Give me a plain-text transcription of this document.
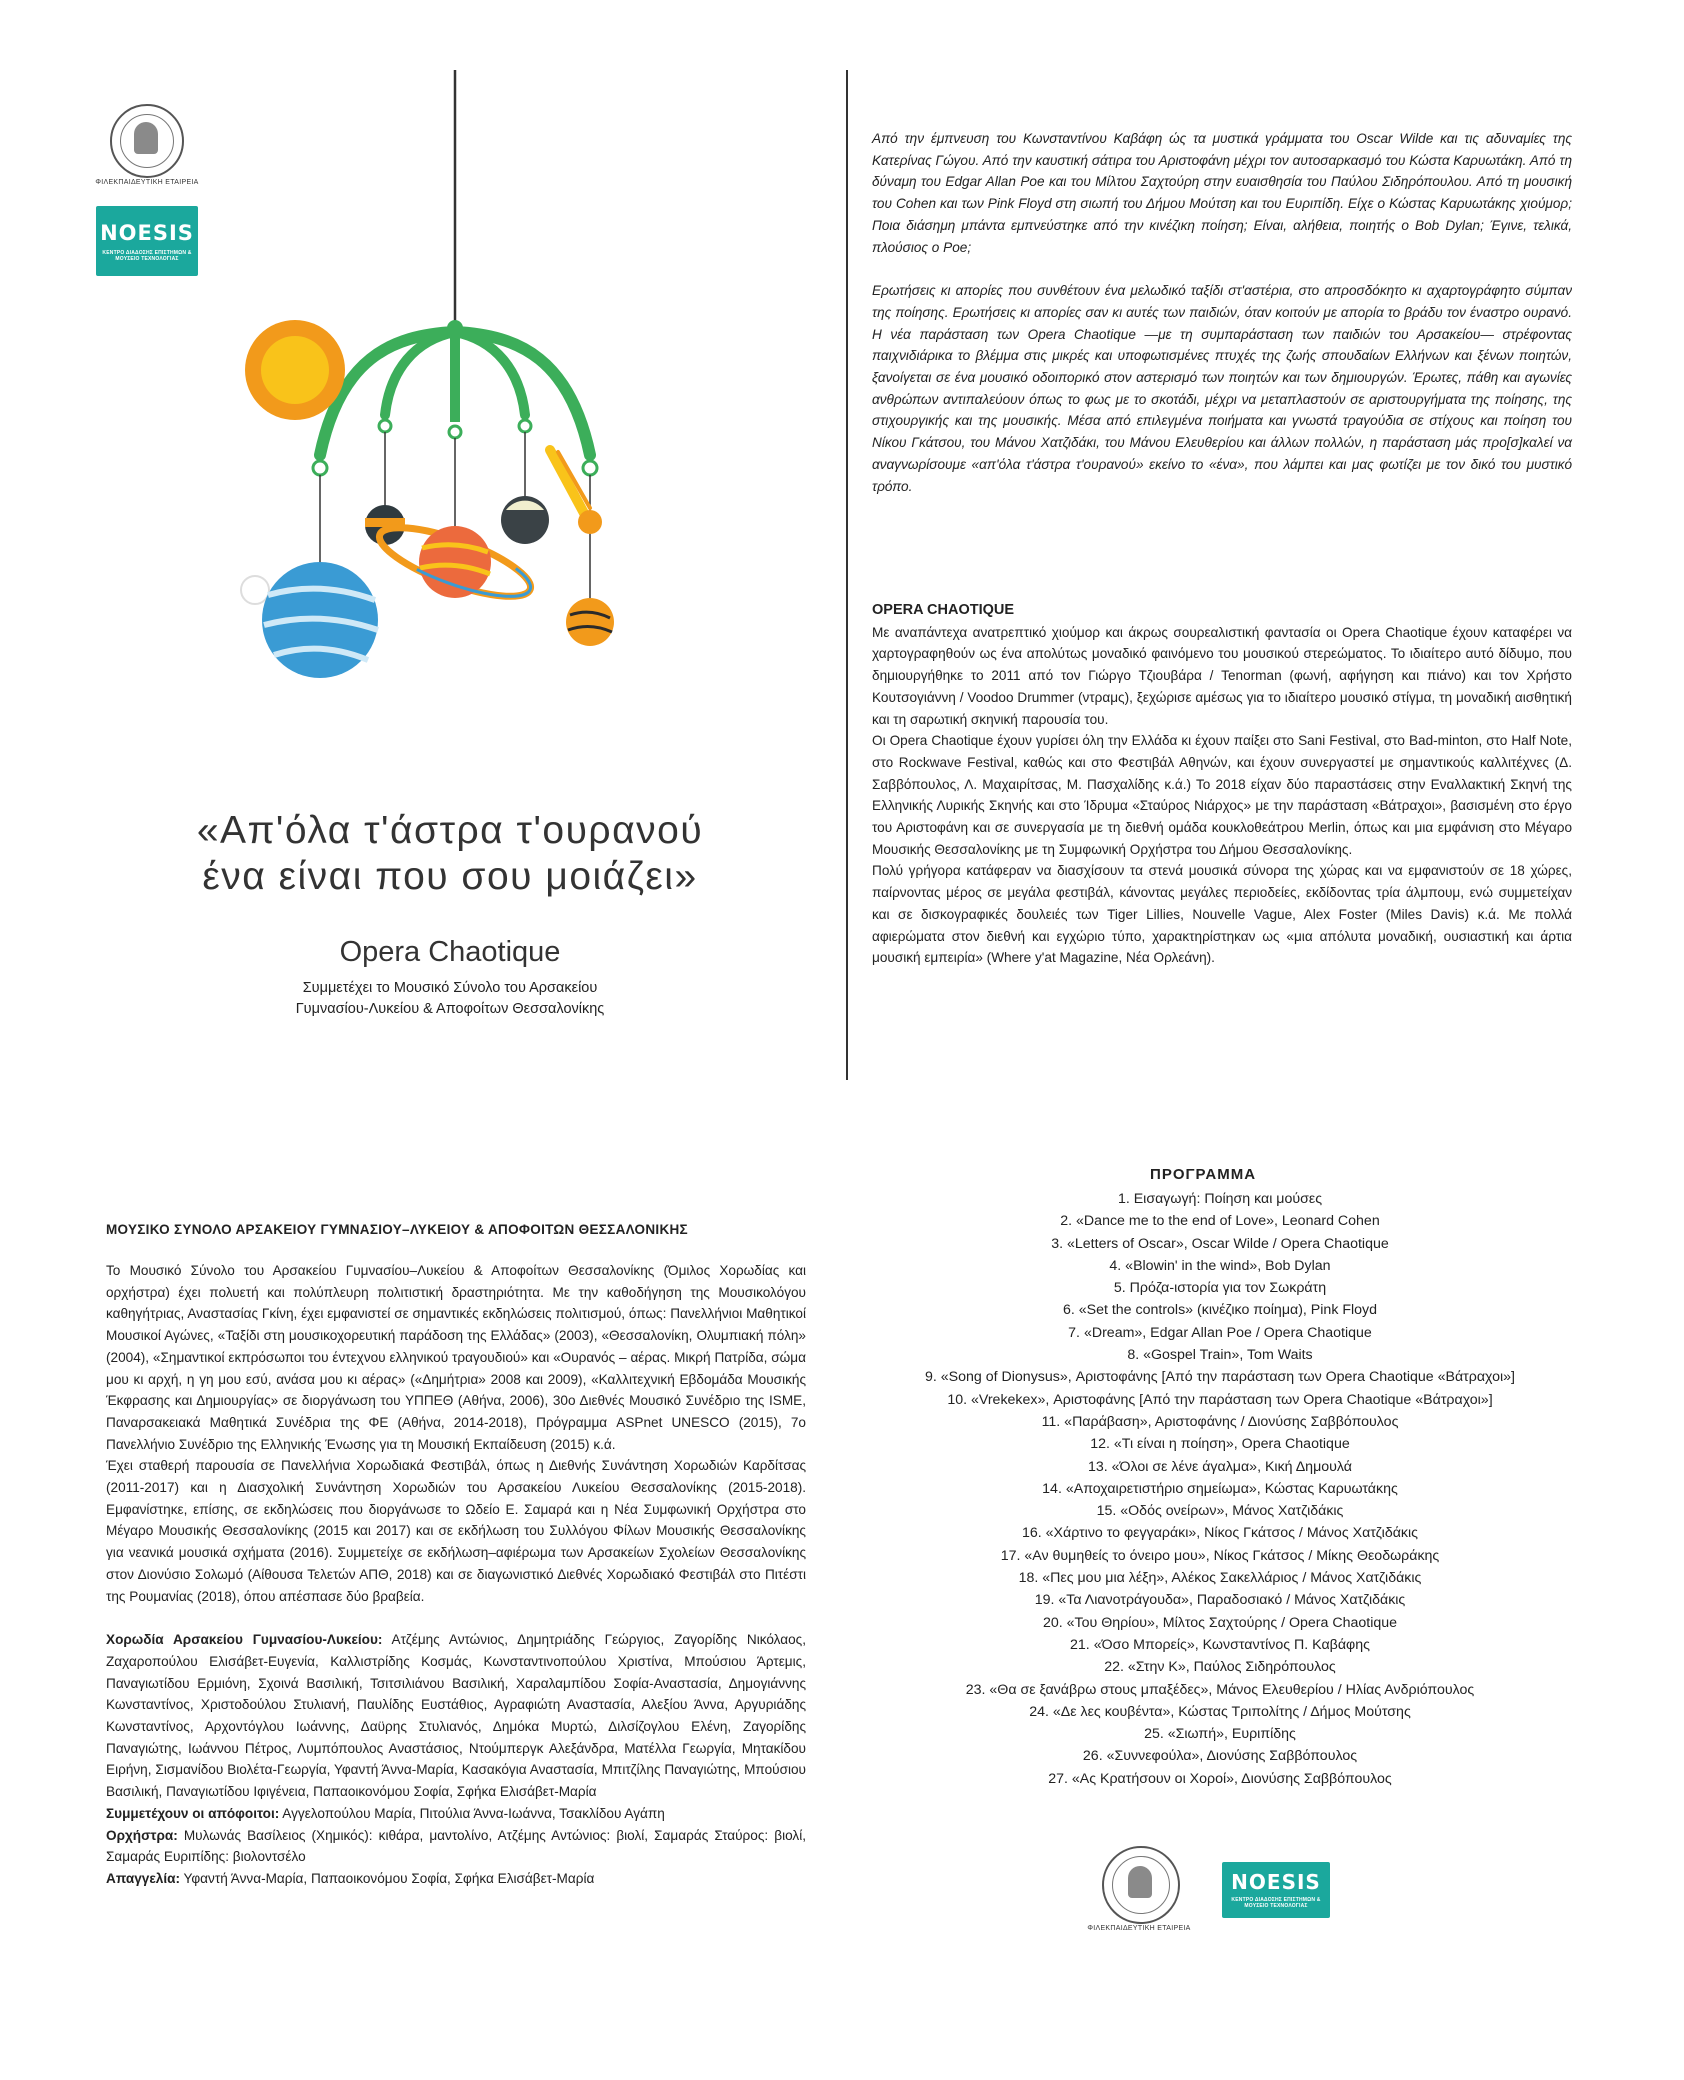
ΦΙΛΕΚΠΑΙΔΕΥΤΙΚΗ ΕΤΑΙΡΕΙΑ
NOESIS
ΚΕΝΤΡΟ ΔΙΑΔΟΣΗΣ ΕΠΙΣΤΗΜΩΝ & ΜΟΥΣΕΙΟ ΤΕΧΝΟΛΟΓΙΑΣ
«Απ'όλα τ'άστρα τ'ουρανού
ένα είναι που σου μοιάζει»
Opera Chaotique
Συμμετέχει το Μουσικό Σύνολο του Αρσακείου
Γυμνασίου-Λυκείου & Αποφοίτων Θεσσαλονίκης

Από την έμπνευση του Κωνσταντίνου Καβάφη ώς τα μυστικά γράμματα του Oscar Wilde και τις αδυναμίες της Κατερίνας Γώγου. Από την καυστική σάτιρα του Αριστοφάνη μέχρι τον αυτοσαρκασμό του Κώστα Καρυωτάκη. Από τη δύναμη του Edgar Allan Poe και του Μίλτου Σαχτούρη στην ευαισθησία του Παύλου Σιδηρόπουλου. Από τη μουσική του Cohen και των Pink Floyd στη σιωπή του Δήμου Μούτση και του Ευριπίδη. Είχε ο Κώστας Καρυωτάκης χιούμορ; Ποια διάσημη μπάντα εμπνεύστηκε από την κινέζικη ποίηση; Είναι, αλήθεια, ποιητής ο Bob Dylan; Έγινε, τελικά, πλούσιος ο Poe;

Ερωτήσεις κι απορίες που συνθέτουν ένα μελωδικό ταξίδι στ'αστέρια, στο απροσδόκητο κι αχαρτογράφητο σύμπαν της ποίησης. Ερωτήσεις κι απορίες σαν κι αυτές των παιδιών, όταν κοιτούν με απορία το βράδυ τον έναστρο ουρανό. Η νέα παράσταση των Opera Chaotique —με τη συμπαράσταση των παιδιών του Αρσακείου— στρέφοντας παιχνιδιάρικα το βλέμμα στις μικρές και υποφωτισμένες πτυχές της ζωής σπουδαίων Ελλήνων και ξένων ποιητών, ξανοίγεται σε ένα μουσικό οδοιπορικό στον αστερισμό των ποιητών και των δημιουργών. Έρωτες, πάθη και αγωνίες ανθρώπων αντιπαλεύουν όπως το φως με το σκοτάδι, μέχρι να μεταπλαστούν σε αριστουργήματα της ποίησης, της στιχουργικής και της μουσικής. Μέσα από επιλεγμένα ποιήματα και γνωστά τραγούδια σε στίχους και ποίηση του Νίκου Γκάτσου, του Μάνου Χατζιδάκι, του Μάνου Ελευθερίου και άλλων πολλών, η παράσταση μάς προ[σ]καλεί να αναγνωρίσουμε «απ'όλα τ'άστρα τ'ουρανού» εκείνο το «ένα», που λάμπει και μας φωτίζει με τον δικό του μυστικό τρόπο.

OPERA CHAOTIQUE

Με αναπάντεχα ανατρεπτικό χιούμορ και άκρως σουρεαλιστική φαντασία οι Opera Chaotique έχουν καταφέρει να χαρτογραφηθούν ως ένα απολύτως μοναδικό φαινόμενο του μουσικού στερεώματος. Το ιδιαίτερο αυτό δίδυμο, που δημιουργήθηκε το 2011 από τον Γιώργο Τζιουβάρα / Tenorman (φωνή, αφήγηση και πιάνο) και τον Χρήστο Κουτσογιάννη / Voodoo Drummer (ντραμς), ξεχώρισε αμέσως για το ιδιαίτερο μουσικό στίγμα, τη μοναδική αισθητική και τη σαρωτική σκηνική παρουσία του.

Οι Opera Chaotique έχουν γυρίσει όλη την Ελλάδα κι έχουν παίξει στο Sani Festival, στο Bad-minton, στο Half Note, στο Rockwave Festival, καθώς και στο Φεστιβάλ Αθηνών, και έχουν συνεργαστεί με σημαντικούς καλλιτέχνες (Δ. Σαββόπουλος, Λ. Μαχαιρίτσας, Μ. Πασχαλίδης κ.ά.) Το 2018 είχαν δύο παραστάσεις στην Εναλλακτική Σκηνή της Ελληνικής Λυρικής Σκηνής και στο Ίδρυμα «Σταύρος Νιάρχος» με την παράσταση «Βάτραχοι», βασισμένη στο έργο του Αριστοφάνη και σε συνεργασία με τη διεθνή ομάδα κουκλοθεάτρου Merlin, όπως και μια εμφάνιση στο Μέγαρο Μουσικής Θεσσαλονίκης με τη Συμφωνική Ορχήστρα του Δήμου Θεσσαλονίκης.

Πολύ γρήγορα κατάφεραν να διασχίσουν τα στενά μουσικά σύνορα της χώρας και να εμφανιστούν σε 18 χώρες, παίρνοντας μέρος σε μεγάλα φεστιβάλ, κάνοντας μεγάλες περιοδείες, εκδίδοντας τρία άλμπουμ, ενώ συμμετείχαν και σε δισκογραφικές δουλειές των Tiger Lillies, Nouvelle Vague, Alex Foster (Miles Davis) κ.ά. Με πολλά αφιερώματα στον διεθνή και εγχώριο τύπο, χαρακτηρίστηκαν ως «μια απόλυτα μοναδική, ουσιαστική και άρτια μουσική εμπειρία» (Where y'at Magazine, Νέα Ορλεάνη).

ΜΟΥΣΙΚΟ ΣΥΝΟΛΟ ΑΡΣΑΚΕΙΟΥ ΓΥΜΝΑΣΙΟΥ–ΛΥΚΕΙΟΥ & ΑΠΟΦΟΙΤΩΝ ΘΕΣΣΑΛΟΝΙΚΗΣ

Το Μουσικό Σύνολο του Αρσακείου Γυμνασίου–Λυκείου & Αποφοίτων Θεσσαλονίκης (Όμιλος Χορωδίας και ορχήστρα) έχει πολυετή και πολύπλευρη πολιτιστική δραστηριότητα. Με την καθοδήγηση της Μουσικολόγου καθηγήτριας, Αναστασίας Γκίνη, έχει εμφανιστεί σε σημαντικές εκδηλώσεις πολιτισμού, όπως: Πανελλήνιοι Μαθητικοί Μουσικοί Αγώνες, «Ταξίδι στη μουσικοχορευτική παράδοση της Ελλάδας» (2003), «Θεσσαλονίκη, Ολυμπιακή πόλη» (2004), «Σημαντικοί εκπρόσωποι του έντεχνου ελληνικού τραγουδιού» και «Ουρανός – αέρας. Μικρή Πατρίδα, σώμα μου κι αρχή, η γη μου εσύ, ανάσα μου κι αέρας» («Δημήτρια» 2008 και 2009), «Καλλιτεχνική Εβδομάδα Μουσικής Έκφρασης και Δημιουργίας» σε διοργάνωση του ΥΠΠΕΘ (Αθήνα, 2006), 30ο Διεθνές Μουσικό Συνέδριο της ISME, Παναρσακειακά Μαθητικά Συνέδρια της ΦΕ (Αθήνα, 2014-2018), Πρόγραμμα ASPnet UNESCO (2015), 7ο Πανελλήνιο Συνέδριο της Ελληνικής Ένωσης για τη Μουσική Εκπαίδευση (2015) κ.ά.

Έχει σταθερή παρουσία σε Πανελλήνια Χορωδιακά Φεστιβάλ, όπως η Διεθνής Συνάντηση Χορωδιών Καρδίτσας (2011-2017) και η Διασχολική Συνάντηση Χορωδιών του Αρσακείου Λυκείου Θεσσαλονίκης (2015-2018). Εμφανίστηκε, επίσης, σε εκδηλώσεις που διοργάνωσε το Ωδείο Ε. Σαμαρά και η Νέα Συμφωνική Ορχήστρα στο Μέγαρο Μουσικής Θεσσαλονίκης (2015 και 2017) και σε εκδήλωση του Συλλόγου Φίλων Μουσικής Θεσσαλονίκης για νεανικά μουσικά σχήματα (2016). Συμμετείχε σε εκδήλωση–αφιέρωμα των Αρσακείων Σχολείων Θεσσαλονίκης στον Διονύσιο Σολωμό (Αίθουσα Τελετών ΑΠΘ, 2018) και σε διαγωνιστικό Διεθνές Χορωδιακό Φεστιβάλ στο Πιτέστι της Ρουμανίας (2018), όπου απέσπασε δύο βραβεία.

Χορωδία Αρσακείου Γυμνασίου-Λυκείου: Ατζέμης Αντώνιος, Δημητριάδης Γεώργιος, Ζαγορίδης Νικόλαος, Ζαχαροπούλου Ελισάβετ-Ευγενία, Καλλιστρίδης Κοσμάς, Κωνσταντινοπούλου Χριστίνα, Μπούσιου Άρτεμις, Παναγιωτίδου Ερμιόνη, Σχοινά Βασιλική, Τσιτσιλιάνου Βασιλική, Χαραλαμπίδου Σοφία-Αναστασία, Δημογιάννης Κωνσταντίνος, Χριστοδούλου Στυλιανή, Παυλίδης Ευστάθιος, Αγραφιώτη Αναστασία, Αλεξίου Άννα, Αργυριάδης Κωνσταντίνος, Αρχοντόγλου Ιωάννης, Δαϋρης Στυλιανός, Δημόκα Μυρτώ, Διλσίζογλου Ελένη, Ζαγορίδης Παναγιώτης, Ιωάννου Πέτρος, Λυμπόπουλος Αναστάσιος, Ντούμπεργκ Αλεξάνδρα, Ματέλλα Γεωργία, Μητακίδου Ειρήνη, Σισμανίδου Βιολέτα-Γεωργία, Υφαντή Άννα-Μαρία, Κασακόγια Αναστασία, Μπιτζίλης Παναγιώτης, Μπούσιου Βασιλική, Παναγιωτίδου Ιφιγένεια, Παπαοικονόμου Σοφία, Σφήκα Ελισάβετ-Μαρία

Συμμετέχουν οι απόφοιτοι: Αγγελοπούλου Μαρία, Πιτούλια Άννα-Ιωάννα, Τσακλίδου Αγάπη

Ορχήστρα: Μυλωνάς Βασίλειος (Χημικός): κιθάρα, μαντολίνο, Ατζέμης Αντώνιος: βιολί, Σαμαράς Σταύρος: βιολί, Σαμαράς Ευριπίδης: βιολοντσέλο

Απαγγελία: Υφαντή Άννα-Μαρία, Παπαοικονόμου Σοφία, Σφήκα Ελισάβετ-Μαρία

ΠΡΟΓΡΑΜΜΑ
1. Εισαγωγή: Ποίηση και μούσες
2. «Dance me to the end of Love», Leonard Cohen
3. «Letters of Oscar», Oscar Wilde / Opera Chaotique
4. «Blowin' in the wind», Bob Dylan
5. Πρόζα-ιστορία για τον Σωκράτη
6. «Set the controls» (κινέζικο ποίημα), Pink Floyd
7. «Dream», Edgar Allan Poe / Opera Chaotique
8. «Gospel Train», Tom Waits
9. «Song of Dionysus», Αριστοφάνης [Από την παράσταση των Opera Chaotique «Βάτραχοι»]
10. «Vrekekex», Αριστοφάνης [Από την παράσταση των Opera Chaotique «Βάτραχοι»]
11. «Παράβαση», Αριστοφάνης / Διονύσης Σαββόπουλος
12. «Τι είναι η ποίηση», Opera Chaotique
13. «Όλοι σε λένε άγαλμα», Κική Δημουλά
14. «Αποχαιρετιστήριο σημείωμα», Κώστας Καρυωτάκης
15. «Οδός ονείρων», Μάνος Χατζιδάκις
16. «Χάρτινο το φεγγαράκι», Νίκος Γκάτσος / Μάνος Χατζιδάκις
17. «Αν θυμηθείς το όνειρο μου», Νίκος Γκάτσος / Μίκης Θεοδωράκης
18. «Πες μου μια λέξη», Αλέκος Σακελλάριος / Μάνος Χατζιδάκις
19. «Τα Λιανοτράγουδα», Παραδοσιακό / Μάνος Χατζιδάκις
20. «Του Θηρίου», Μίλτος Σαχτούρης / Opera Chaotique
21. «Όσο Μπορείς», Κωνσταντίνος Π. Καβάφης
22. «Στην Κ», Παύλος Σιδηρόπουλος
23. «Θα σε ξανάβρω στους μπαξέδες», Μάνος Ελευθερίου / Ηλίας Ανδριόπουλος
24. «Δε λες κουβέντα», Κώστας Τριπολίτης / Δήμος Μούτσης
25. «Σιωπή», Ευριπίδης
26. «Συννεφούλα», Διονύσης Σαββόπουλος
27. «Ας Κρατήσουν οι Χοροί», Διονύσης Σαββόπουλος
ΦΙΛΕΚΠΑΙΔΕΥΤΙΚΗ ΕΤΑΙΡΕΙΑ
NOESIS
ΚΕΝΤΡΟ ΔΙΑΔΟΣΗΣ ΕΠΙΣΤΗΜΩΝ & ΜΟΥΣΕΙΟ ΤΕΧΝΟΛΟΓΙΑΣ
